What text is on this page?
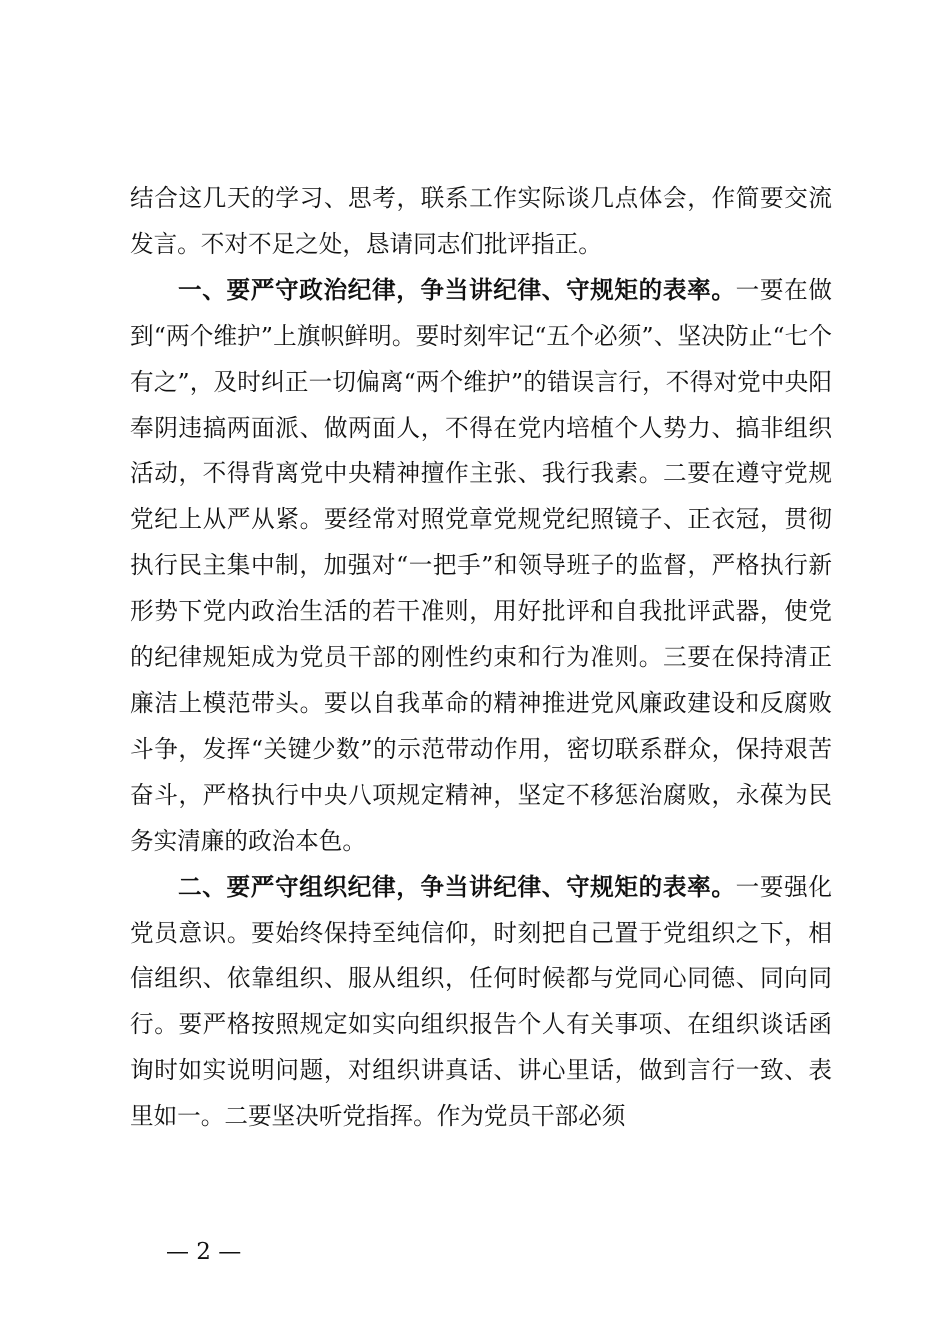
结合这几天的学习、思考，联系工作实际谈几点体会，作简要交流发言。不对不足之处，恳请同志们批评指正。

一、要严守政治纪律，争当讲纪律、守规矩的表率。一要在做到“两个维护”上旗帜鲜明。要时刻牢记“五个必须”、坚决防止“七个有之”，及时纠正一切偏离“两个维护”的错误言行，不得对党中央阳奉阴违搞两面派、做两面人，不得在党内培植个人势力、搞非组织活动，不得背离党中央精神擅作主张、我行我素。二要在遵守党规党纪上从严从紧。要经常对照党章党规党纪照镜子、正衣冠，贯彻执行民主集中制，加强对“一把手”和领导班子的监督，严格执行新形势下党内政治生活的若干准则，用好批评和自我批评武器，使党的纪律规矩成为党员干部的刚性约束和行为准则。三要在保持清正廉洁上模范带头。要以自我革命的精神推进党风廉政建设和反腐败斗争，发挥“关键少数”的示范带动作用，密切联系群众，保持艰苦奋斗，严格执行中央八项规定精神，坚定不移惩治腐败，永葆为民务实清廉的政治本色。

二、要严守组织纪律，争当讲纪律、守规矩的表率。一要强化党员意识。要始终保持至纯信仰，时刻把自己置于党组织之下，相信组织、依靠组织、服从组织，任何时候都与党同心同德、同向同行。要严格按照规定如实向组织报告个人有关事项、在组织谈话函询时如实说明问题，对组织讲真话、讲心里话，做到言行一致、表里如一。二要坚决听党指挥。作为党员干部必须

— 2 —
